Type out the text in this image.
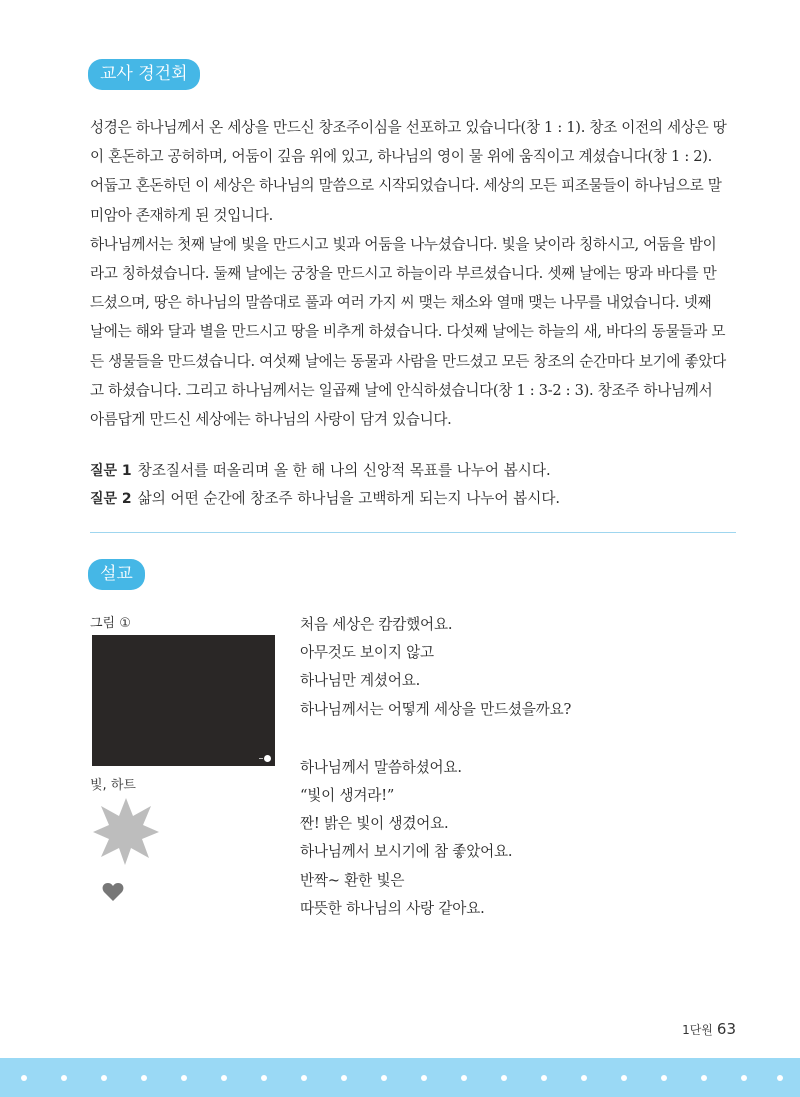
교사 경건회
성경은 하나님께서 온 세상을 만드신 창조주이심을 선포하고 있습니다(창 1 : 1). 창조 이전의 세상은 땅
이 혼돈하고 공허하며, 어둠이 깊음 위에 있고, 하나님의 영이 물 위에 움직이고 계셨습니다(창 1 : 2).
어둡고 혼돈하던 이 세상은 하나님의 말씀으로 시작되었습니다. 세상의 모든 피조물들이 하나님으로 말
미암아 존재하게 된 것입니다.
하나님께서는 첫째 날에 빛을 만드시고 빛과 어둠을 나누셨습니다. 빛을 낮이라 칭하시고, 어둠을 밤이
라고 칭하셨습니다. 둘째 날에는 궁창을 만드시고 하늘이라 부르셨습니다. 셋째 날에는 땅과 바다를 만
드셨으며, 땅은 하나님의 말씀대로 풀과 여러 가지 씨 맺는 채소와 열매 맺는 나무를 내었습니다. 넷째
날에는 해와 달과 별을 만드시고 땅을 비추게 하셨습니다. 다섯째 날에는 하늘의 새, 바다의 동물들과 모
든 생물들을 만드셨습니다. 여섯째 날에는 동물과 사람을 만드셨고 모든 창조의 순간마다 보기에 좋았다
고 하셨습니다. 그리고 하나님께서는 일곱째 날에 안식하셨습니다(창 1 : 3-2 : 3). 창조주 하나님께서
아름답게 만드신 세상에는 하나님의 사랑이 담겨 있습니다.
질문 1 창조질서를 떠올리며 올 한 해 나의 신앙적 목표를 나누어 봅시다.
질문 2 삶의 어떤 순간에 창조주 하나님을 고백하게 되는지 나누어 봅시다.
설교
그림 ①
빛, 하트
처음 세상은 캄캄했어요.
아무것도 보이지 않고
하나님만 계셨어요.
하나님께서는 어떻게 세상을 만드셨을까요?
하나님께서 말씀하셨어요.
“빛이 생겨라!”
짠! 밝은 빛이 생겼어요.
하나님께서 보시기에 참 좋았어요.
반짝~ 환한 빛은
따뜻한 하나님의 사랑 같아요.
1단원 63
